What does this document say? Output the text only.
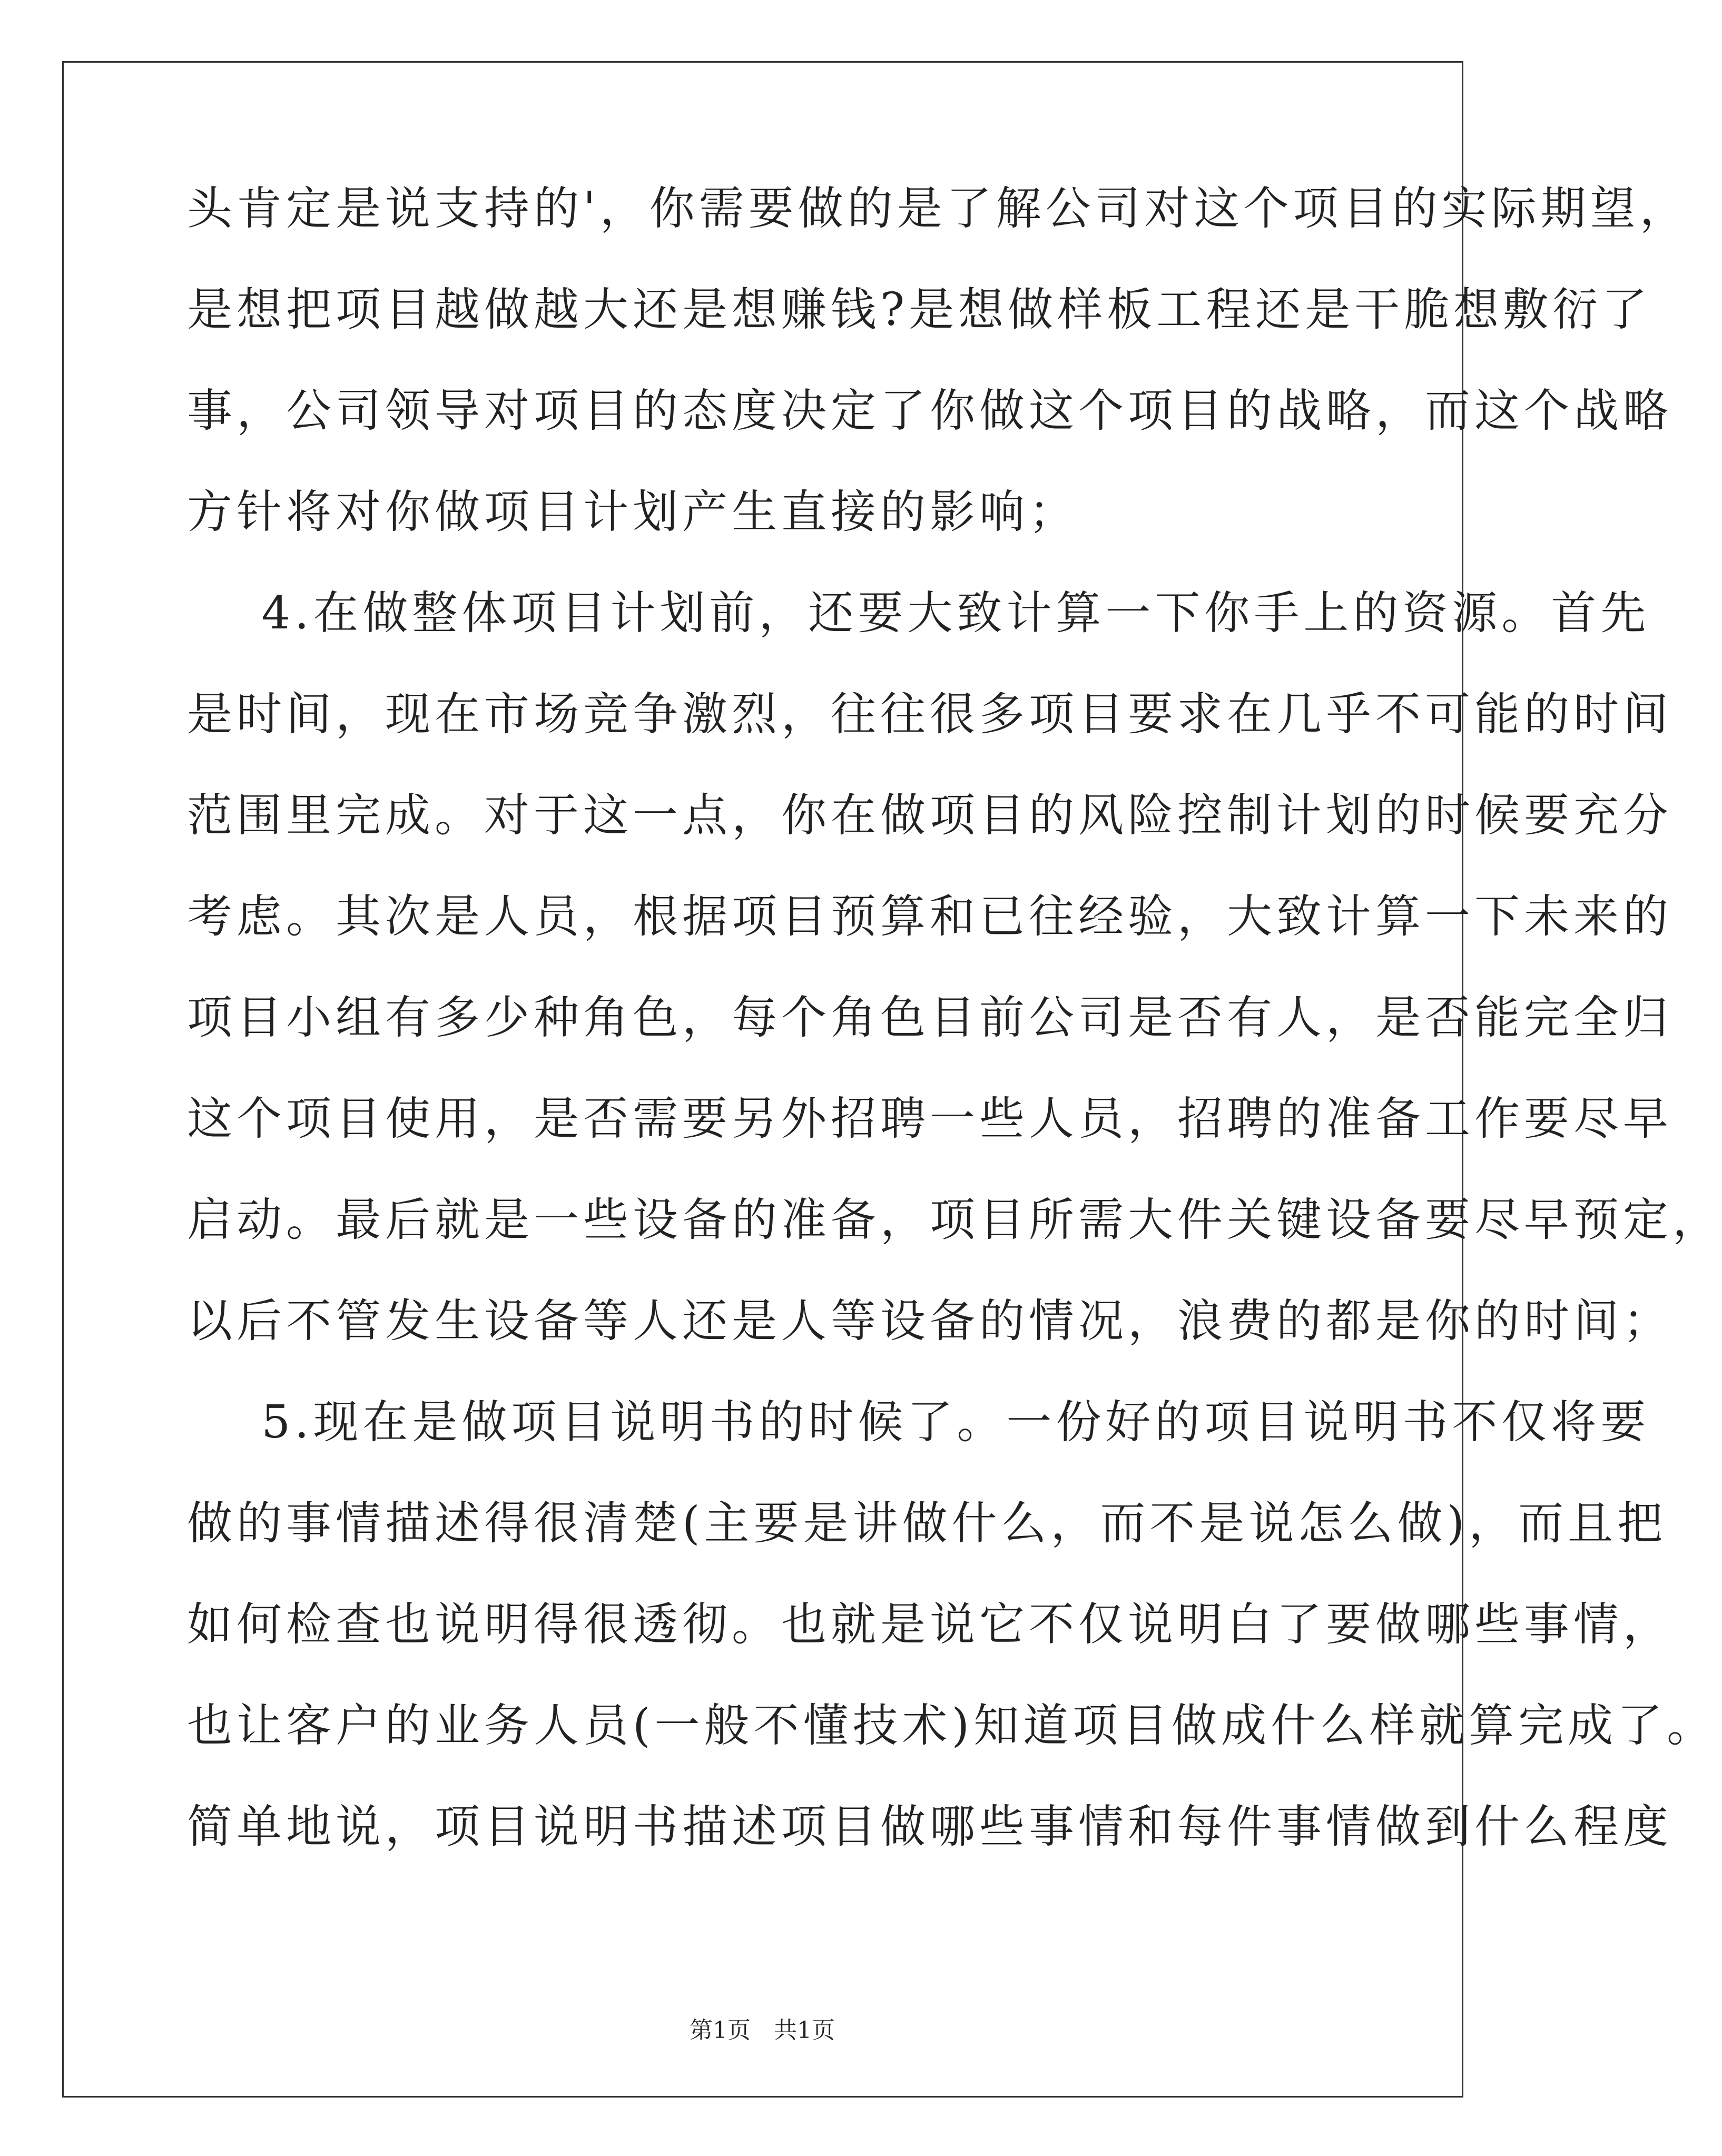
头肯定是说支持的'，你需要做的是了解公司对这个项目的实际期望，
是想把项目越做越大还是想赚钱?是想做样板工程还是干脆想敷衍了
事，公司领导对项目的态度决定了你做这个项目的战略，而这个战略
方针将对你做项目计划产生直接的影响；
4.在做整体项目计划前，还要大致计算一下你手上的资源。首先
是时间，现在市场竞争激烈，往往很多项目要求在几乎不可能的时间
范围里完成。对于这一点，你在做项目的风险控制计划的时候要充分
考虑。其次是人员，根据项目预算和已往经验，大致计算一下未来的
项目小组有多少种角色，每个角色目前公司是否有人，是否能完全归
这个项目使用，是否需要另外招聘一些人员，招聘的准备工作要尽早
启动。最后就是一些设备的准备，项目所需大件关键设备要尽早预定，
以后不管发生设备等人还是人等设备的情况，浪费的都是你的时间；
5.现在是做项目说明书的时候了。一份好的项目说明书不仅将要
做的事情描述得很清楚(主要是讲做什么，而不是说怎么做)，而且把
如何检查也说明得很透彻。也就是说它不仅说明白了要做哪些事情，
也让客户的业务人员(一般不懂技术)知道项目做成什么样就算完成了。
简单地说，项目说明书描述项目做哪些事情和每件事情做到什么程度
第1页　共1页
